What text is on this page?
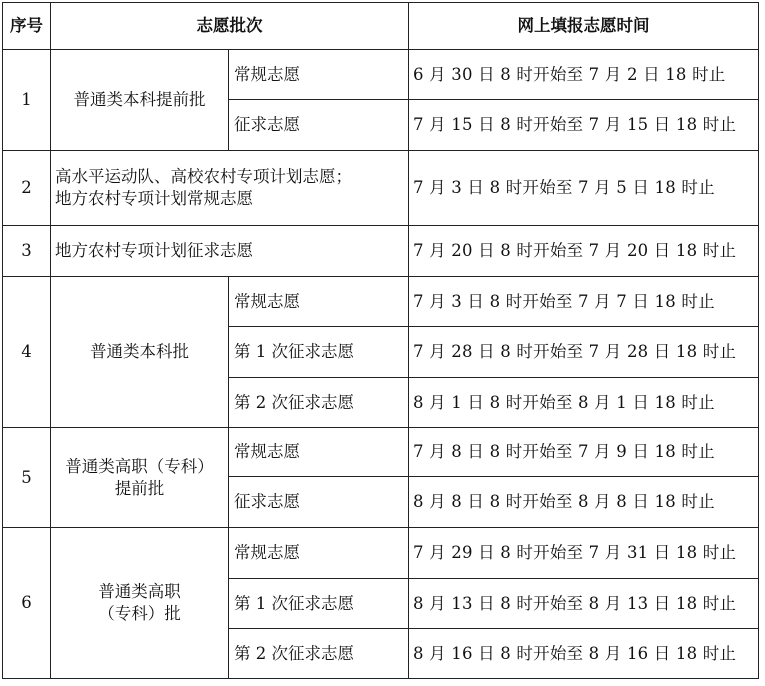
序号	志愿批次		网上填报志愿时间
1	普通类本科提前批	常规志愿	6 月 30 日 8 时开始至 7 月 2 日 18 时止
		征求志愿	7 月 15 日 8 时开始至 7 月 15 日 18 时止
2	高水平运动队、高校农村专项计划志愿；
地方农村专项计划常规志愿		7 月 3 日 8 时开始至 7 月 5 日 18 时止
3	地方农村专项计划征求志愿		7 月 20 日 8 时开始至 7 月 20 日 18 时止
4	普通类本科批	常规志愿	7 月 3 日 8 时开始至 7 月 7 日 18 时止
		第 1 次征求志愿	7 月 28 日 8 时开始至 7 月 28 日 18 时止
		第 2 次征求志愿	8 月 1 日 8 时开始至 8 月 1 日 18 时止
5	普通类高职（专科）
提前批	常规志愿	7 月 8 日 8 时开始至 7 月 9 日 18 时止
		征求志愿	8 月 8 日 8 时开始至 8 月 8 日 18 时止
6	普通类高职
（专科）批	常规志愿	7 月 29 日 8 时开始至 7 月 31 日 18 时止
		第 1 次征求志愿	8 月 13 日 8 时开始至 8 月 13 日 18 时止
		第 2 次征求志愿	8 月 16 日 8 时开始至 8 月 16 日 18 时止
